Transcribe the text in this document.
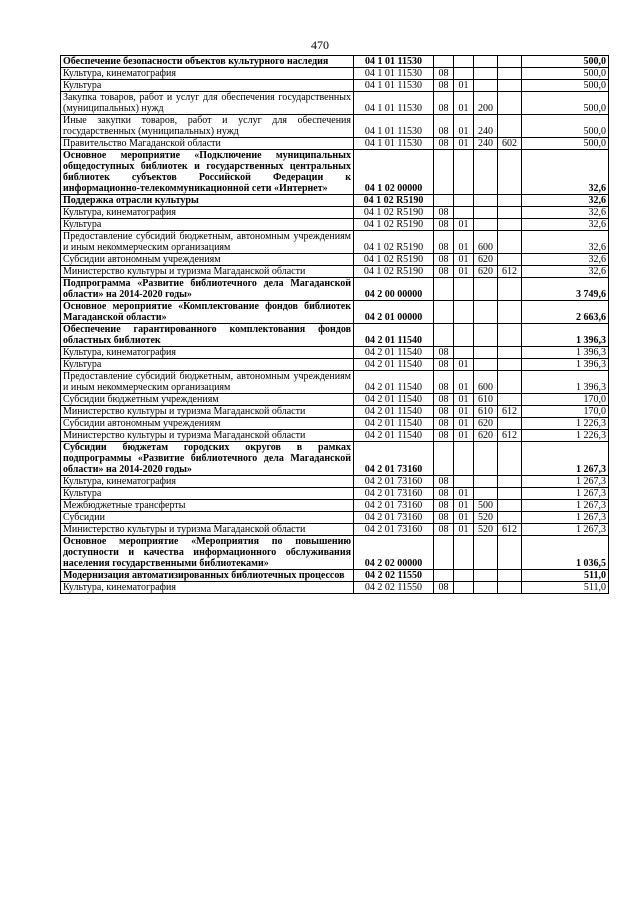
470
Обеспечение безопасности объектов культурного наследия	04 1 01 11530					500,0
Культура, кинематография	04 1 01 11530	08				500,0
Культура	04 1 01 11530	08	01			500,0
Закупка товаров, работ и услуг для обеспечения государственных (муниципальных) нужд	04 1 01 11530	08	01	200		500,0
Иные закупки товаров, работ и услуг для обеспечения государственных (муниципальных) нужд	04 1 01 11530	08	01	240		500,0
Правительство Магаданской области	04 1 01 11530	08	01	240	602	500,0
Основное мероприятие «Подключение муниципальных общедоступных библиотек и государственных центральных библиотек субъектов Российской Федерации к информационно-телекоммуникационной сети «Интернет»	04 1 02 00000					32,6
Поддержка отрасли культуры	04 1 02 R5190					32,6
Культура, кинематография	04 1 02 R5190	08				32,6
Культура	04 1 02 R5190	08	01			32,6
Предоставление субсидий бюджетным, автономным учреждениям и иным некоммерческим организациям	04 1 02 R5190	08	01	600		32,6
Субсидии автономным учреждениям	04 1 02 R5190	08	01	620		32,6
Министерство культуры и туризма Магаданской области	04 1 02 R5190	08	01	620	612	32,6
Подпрограмма «Развитие библиотечного дела Магаданской области» на 2014-2020 годы»	04 2 00 00000					3 749,6
Основное мероприятие «Комплектование фондов библиотек Магаданской области»	04 2 01 00000					2 663,6
Обеспечение гарантированного комплектования фондов областных библиотек	04 2 01 11540					1 396,3
Культура, кинематография	04 2 01 11540	08				1 396,3
Культура	04 2 01 11540	08	01			1 396,3
Предоставление субсидий бюджетным, автономным учреждениям и иным некоммерческим организациям	04 2 01 11540	08	01	600		1 396,3
Субсидии бюджетным учреждениям	04 2 01 11540	08	01	610		170,0
Министерство культуры и туризма Магаданской области	04 2 01 11540	08	01	610	612	170,0
Субсидии автономным учреждениям	04 2 01 11540	08	01	620		1 226,3
Министерство культуры и туризма Магаданской области	04 2 01 11540	08	01	620	612	1 226,3
Субсидии бюджетам городских округов в рамках подпрограммы «Развитие библиотечного дела Магаданской области» на 2014-2020 годы»	04 2 01 73160					1 267,3
Культура, кинематография	04 2 01 73160	08				1 267,3
Культура	04 2 01 73160	08	01			1 267,3
Межбюджетные трансферты	04 2 01 73160	08	01	500		1 267,3
Субсидии	04 2 01 73160	08	01	520		1 267,3
Министерство культуры и туризма Магаданской области	04 2 01 73160	08	01	520	612	1 267,3
Основное мероприятие «Мероприятия по повышению доступности и качества информационного обслуживания населения государственными библиотеками»	04 2 02 00000					1 036,5
Модернизация автоматизированных библиотечных процессов	04 2 02 11550					511,0
Культура, кинематография	04 2 02 11550	08				511,0
